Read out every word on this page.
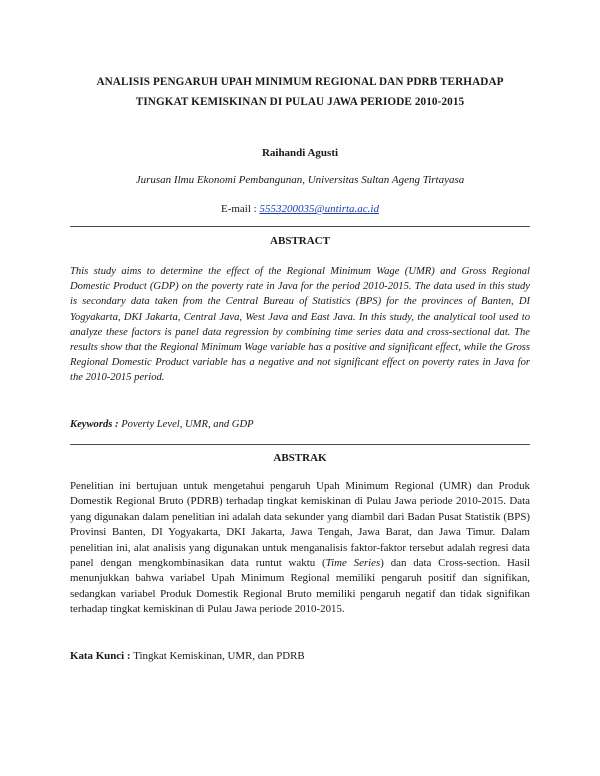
ANALISIS PENGARUH UPAH MINIMUM REGIONAL DAN PDRB TERHADAP
TINGKAT KEMISKINAN DI PULAU JAWA PERIODE 2010-2015
Raihandi Agusti
Jurusan Ilmu Ekonomi Pembangunan, Universitas Sultan Ageng Tirtayasa
E-mail : 5553200035@untirta.ac.id
ABSTRACT
This study aims to determine the effect of the Regional Minimum Wage (UMR) and Gross Regional Domestic Product (GDP) on the poverty rate in Java for the period 2010-2015. The data used in this study is secondary data taken from the Central Bureau of Statistics (BPS) for the provinces of Banten, DI Yogyakarta, DKI Jakarta, Central Java, West Java and East Java. In this study, the analytical tool used to analyze these factors is panel data regression by combining time series data and cross-sectional dat. The results show that the Regional Minimum Wage variable has a positive and significant effect, while the Gross Regional Domestic Product variable has a negative and not significant effect on poverty rates in Java for the 2010-2015 period.
Keywords : Poverty Level, UMR, and GDP
ABSTRAK
Penelitian ini bertujuan untuk mengetahui pengaruh Upah Minimum Regional (UMR) dan Produk Domestik Regional Bruto (PDRB) terhadap tingkat kemiskinan di Pulau Jawa periode 2010-2015. Data yang digunakan dalam penelitian ini adalah data sekunder yang diambil dari Badan Pusat Statistik (BPS) Provinsi Banten, DI Yogyakarta, DKI Jakarta, Jawa Tengah, Jawa Barat, dan Jawa Timur. Dalam penelitian ini, alat analisis yang digunakan untuk menganalisis faktor-faktor tersebut adalah regresi data panel dengan mengkombinasikan data runtut waktu (Time Series) dan data Cross-section. Hasil menunjukkan bahwa variabel Upah Minimum Regional memiliki pengaruh positif dan signifikan, sedangkan variabel Produk Domestik Regional Bruto memiliki pengaruh negatif dan tidak signifikan terhadap tingkat kemiskinan di Pulau Jawa periode 2010-2015.
Kata Kunci : Tingkat Kemiskinan, UMR, dan PDRB
